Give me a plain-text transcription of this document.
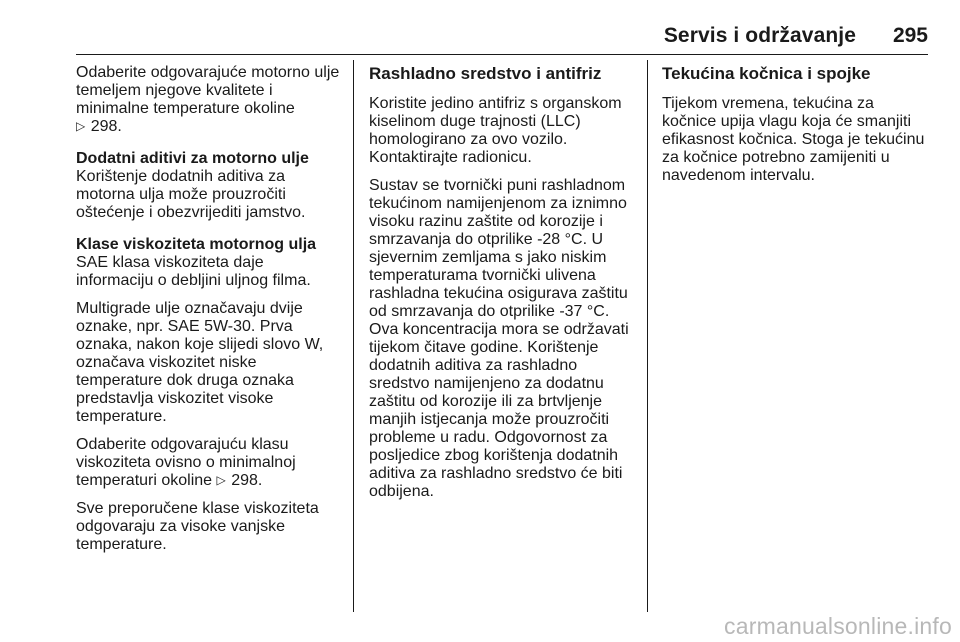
Servis i održavanje 295

Odaberite odgovarajuće motorno ulje
temeljem njegove kvalitete i
minimalne temperature okoline
▷ 298.

Dodatni aditivi za motorno ulje

Korištenje dodatnih aditiva za
motorna ulja može prouzročiti
oštećenje i obezvrijediti jamstvo.

Klase viskoziteta motornog ulja

SAE klasa viskoziteta daje
informaciju o debljini uljnog filma.

Multigrade ulje označavaju dvije
oznake, npr. SAE 5W-30. Prva
oznaka, nakon koje slijedi slovo W,
označava viskozitet niske
temperature dok druga oznaka
predstavlja viskozitet visoke
temperature.

Odaberite odgovarajuću klasu
viskoziteta ovisno o minimalnoj
temperaturi okoline ▷ 298.

Sve preporučene klase viskoziteta
odgovaraju za visoke vanjske
temperature.

Rashladno sredstvo i antifriz

Koristite jedino antifriz s organskom
kiselinom duge trajnosti (LLC)
homologirano za ovo vozilo.
Kontaktirajte radionicu.

Sustav se tvornički puni rashladnom
tekućinom namijenjenom za iznimno
visoku razinu zaštite od korozije i
smrzavanja do otprilike -28 °C. U
sjevernim zemljama s jako niskim
temperaturama tvornički ulivena
rashladna tekućina osigurava zaštitu
od smrzavanja do otprilike -37 °C.
Ova koncentracija mora se održavati
tijekom čitave godine. Korištenje
dodatnih aditiva za rashladno
sredstvo namijenjeno za dodatnu
zaštitu od korozije ili za brtvljenje
manjih istjecanja može prouzročiti
probleme u radu. Odgovornost za
posljedice zbog korištenja dodatnih
aditiva za rashladno sredstvo će biti
odbijena.

Tekućina kočnica i spojke

Tijekom vremena, tekućina za
kočnice upija vlagu koja će smanjiti
efikasnost kočnica. Stoga je tekućinu
za kočnice potrebno zamijeniti u
navedenom intervalu.

carmanualsonline.info
